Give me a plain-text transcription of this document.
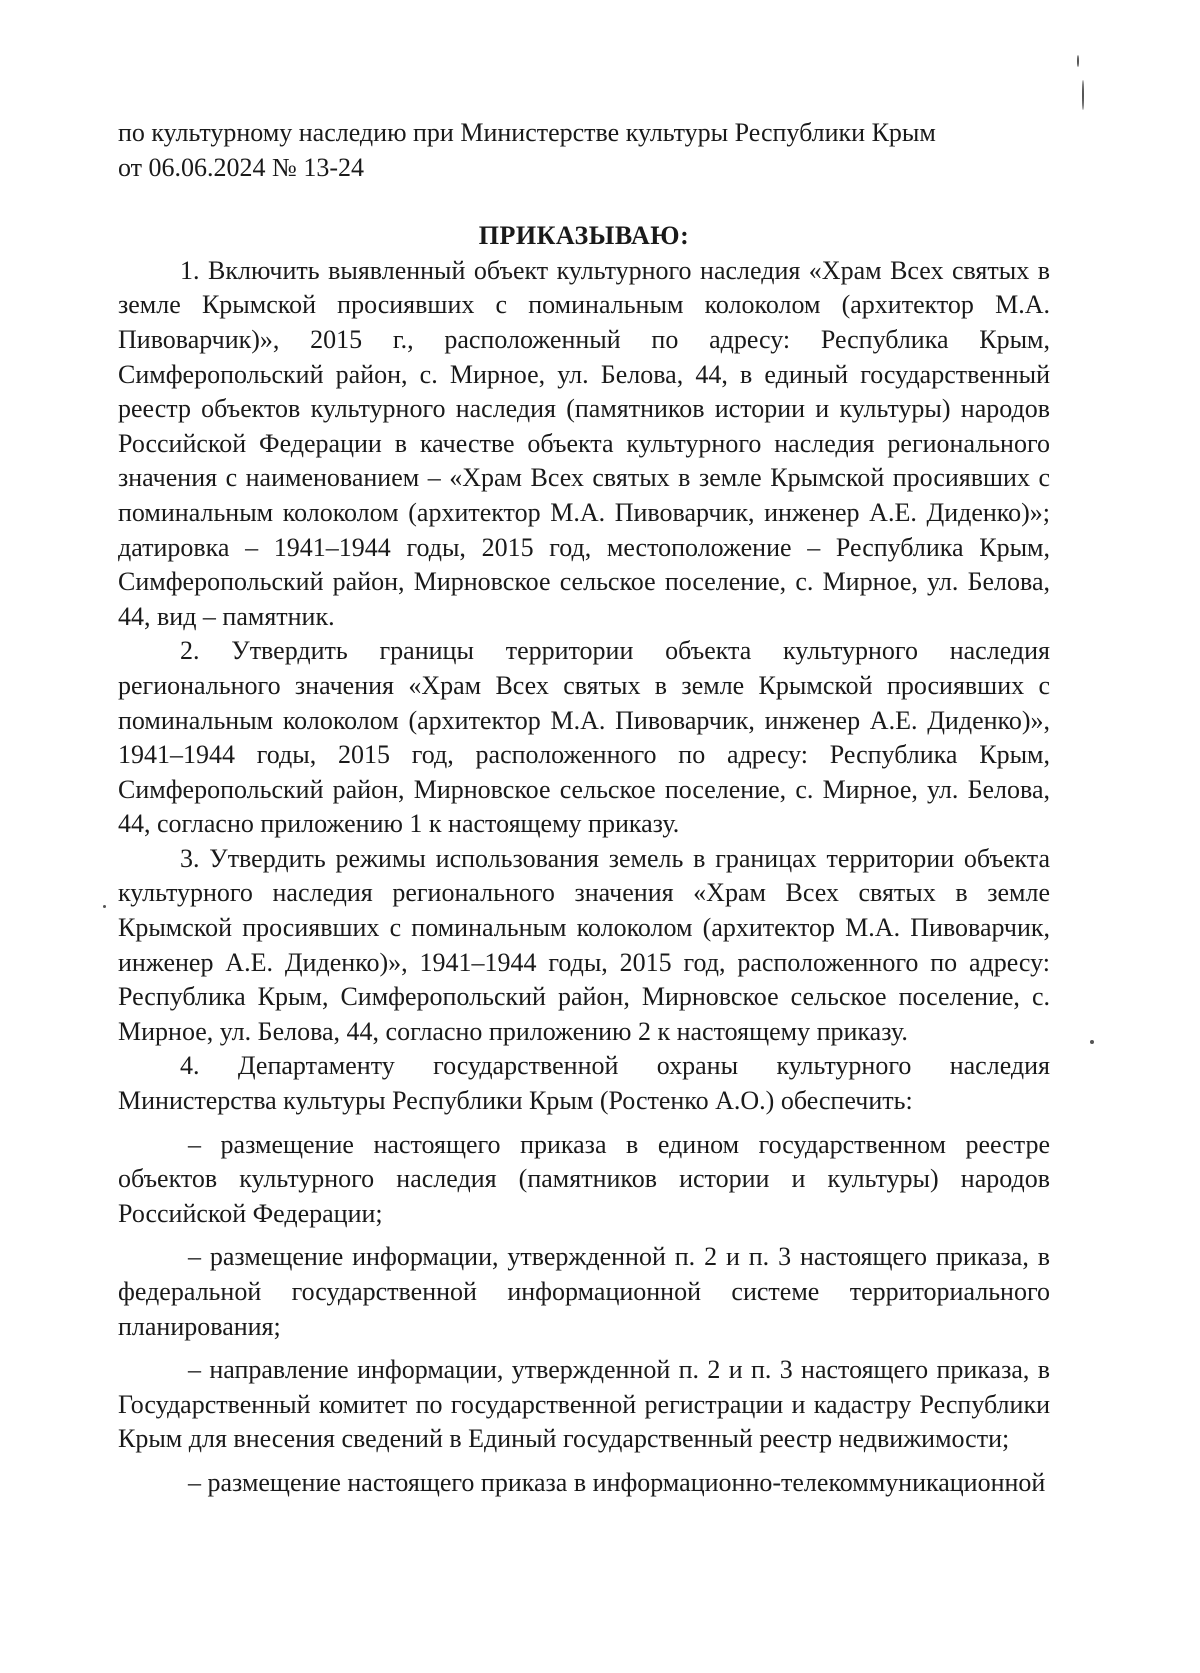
по культурному наследию при Министерстве культуры Республики Крым

от 06.06.2024 № 13-24

ПРИКАЗЫВАЮ:

1. Включить выявленный объект культурного наследия «Храм Всех святых в земле Крымской просиявших с поминальным колоколом (архитектор М.А. Пивоварчик)», 2015 г., расположенный по адресу: Республика Крым, Симферопольский район, с. Мирное, ул. Белова, 44, в единый государственный реестр объектов культурного наследия (памятников истории и культуры) народов Российской Федерации в качестве объекта культурного наследия регионального значения с наименованием – «Храм Всех святых в земле Крымской просиявших с поминальным колоколом (архитектор М.А. Пивоварчик, инженер А.Е. Диденко)»; датировка – 1941–1944 годы, 2015 год, местоположение – Республика Крым, Симферопольский район, Мирновское сельское поселение, с. Мирное, ул. Белова, 44, вид – памятник.

2. Утвердить границы территории объекта культурного наследия регионального значения «Храм Всех святых в земле Крымской просиявших с поминальным колоколом (архитектор М.А. Пивоварчик, инженер А.Е. Диденко)», 1941–1944 годы, 2015 год, расположенного по адресу: Республика Крым, Симферопольский район, Мирновское сельское поселение, с. Мирное, ул. Белова, 44, согласно приложению 1 к настоящему приказу.

3. Утвердить режимы использования земель в границах территории объекта культурного наследия регионального значения «Храм Всех святых в земле Крымской просиявших с поминальным колоколом (архитектор М.А. Пивоварчик, инженер А.Е. Диденко)», 1941–1944 годы, 2015 год, расположенного по адресу: Республика Крым, Симферопольский район, Мирновское сельское поселение, с. Мирное, ул. Белова, 44, согласно приложению 2 к настоящему приказу.

4. Департаменту государственной охраны культурного наследия Министерства культуры Республики Крым (Ростенко А.О.) обеспечить:

– размещение настоящего приказа в едином государственном реестре объектов культурного наследия (памятников истории и культуры) народов Российской Федерации;

– размещение информации, утвержденной п. 2 и п. 3 настоящего приказа, в федеральной государственной информационной системе территориального планирования;

– направление информации, утвержденной п. 2 и п. 3 настоящего приказа, в Государственный комитет по государственной регистрации и кадастру Республики Крым для внесения сведений в Единый государственный реестр недвижимости;

– размещение настоящего приказа в информационно-телекоммуникационной
